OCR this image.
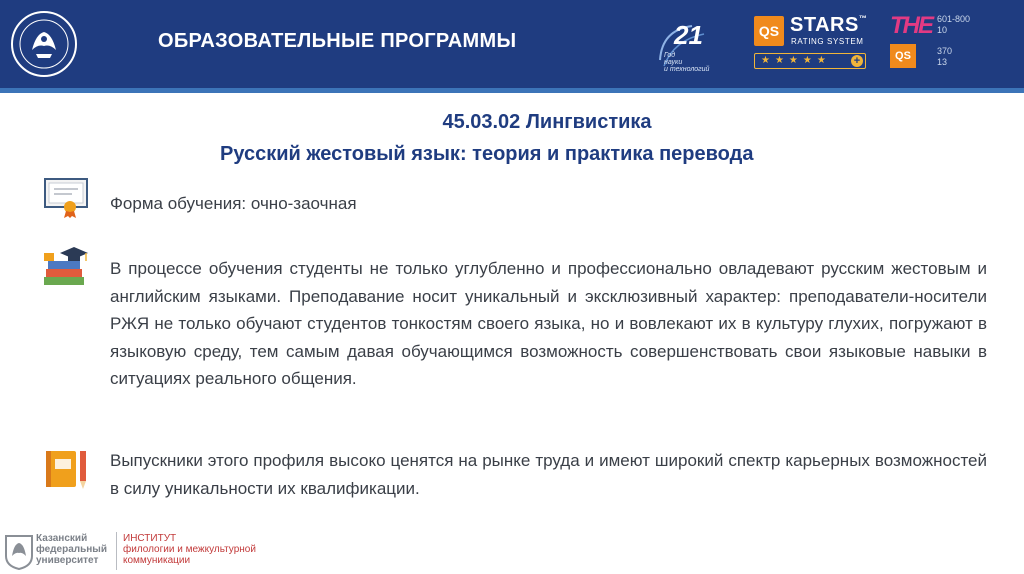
ОБРАЗОВАТЕЛЬНЫЕ ПРОГРАММЫ	21
Год
науки
и технологий
QS STARS™
RATING SYSTEM
★★★★★ +
THE
QS
601-800
10
370
13
45.03.02 Лингвистика
Русский жестовый язык: теория и практика перевода
Форма обучения: очно-заочная
В процессе обучения студенты не только углубленно и профессионально овладевают русским жестовым и английским языками. Преподавание носит уникальный и эксклюзивный характер: преподаватели-носители РЖЯ не только обучают студентов тонкостям своего языка, но и вовлекают их в культуру глухих, погружают в языковую среду, тем самым давая обучающимся возможность совершенствовать свои языковые навыки в ситуациях реального общения.
Выпускники этого профиля высоко ценятся на рынке труда и имеют широкий спектр карьерных возможностей в силу уникальности их квалификации.
Казанский
федеральный
университет
ИНСТИТУТ
филологии и межкультурной
коммуникации
